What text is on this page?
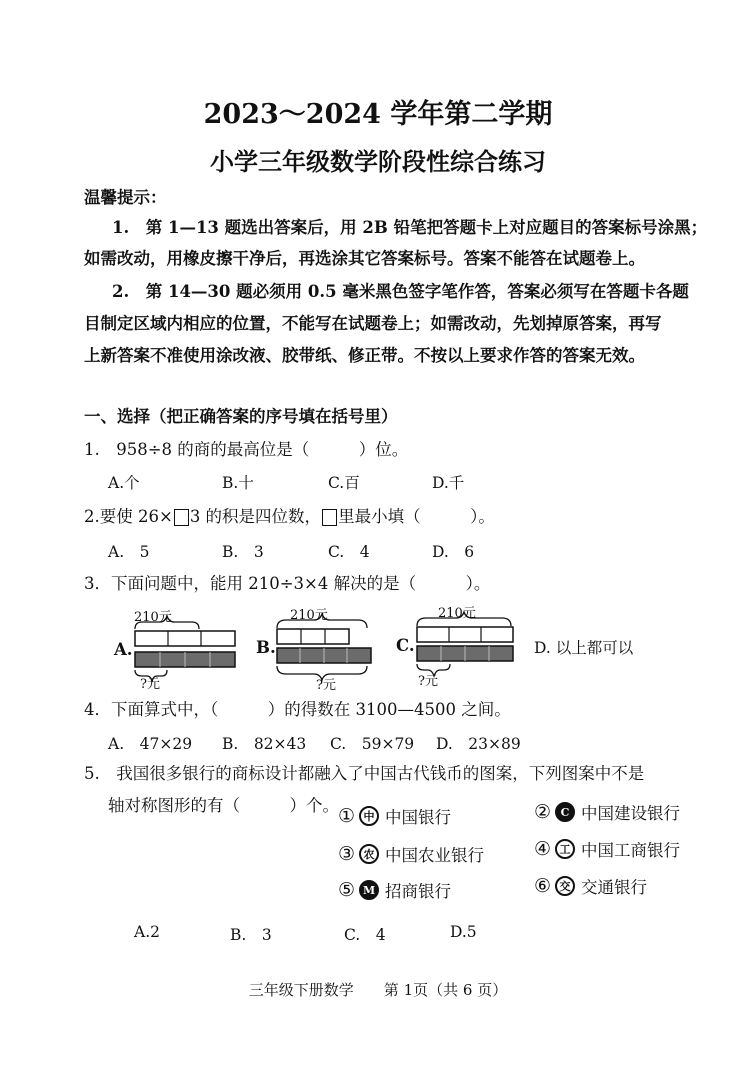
2023～2024 学年第二学期
小学三年级数学阶段性综合练习
温馨提示：
1.　第 1—13 题选出答案后，用 2B 铅笔把答题卡上对应题目的答案标号涂黑；
如需改动，用橡皮擦干净后，再选涂其它答案标号。答案不能答在试题卷上。
2.　第 14—30 题必须用 0.5 毫米黑色签字笔作答，答案必须写在答题卡各题
目制定区域内相应的位置，不能写在试题卷上；如需改动，先划掉原答案，再写
上新答案不准使用涂改液、胶带纸、修正带。不按以上要求作答的答案无效。
一、选择（把正确答案的序号填在括号里）
1.　958÷8 的商的最高位是（　　　）位。
A.个	B.十	C.百	D.千
2.要使 26× 3 的积是四位数， 里最小填（　　　）。
A.　5	B.　3	C.　4	D.　6
3．下面问题中，能用 210÷3×4 解决的是（　　　）。
A.
210元
?元
B.
210元
?元
C.
210元
?元
D. 以上都可以
4．下面算式中，（　　　）的得数在 3100—4500 之间。
A.　47×29 B.　82×43 C.　59×79 D.　23×89
5.　我国很多银行的商标设计都融入了中国古代钱币的图案，下列图案中不是
轴对称图形的有（　　　）个。 ① 中 中国银行	② C 中国建设银行
③ 农 中国农业银行	④ 工 中国工商银行
⑤ M 招商银行	⑥ 交 交通银行
A.2	B.　3	C.　4	D.5
三年级下册数学　　第 1页（共 6 页）
